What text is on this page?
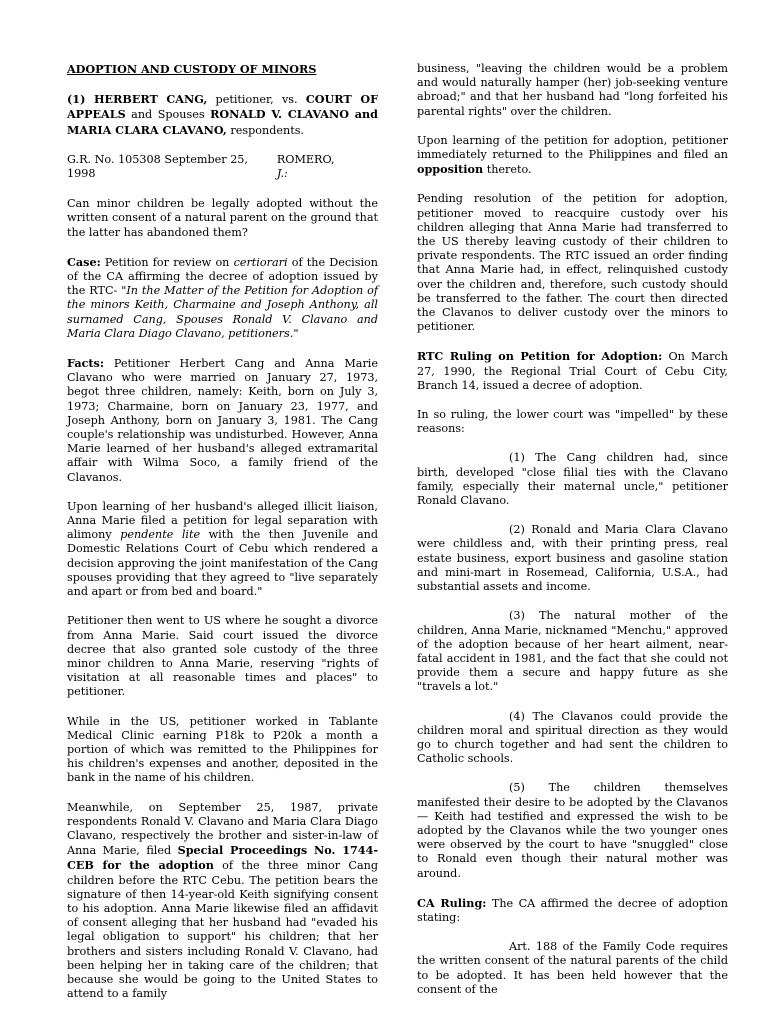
ADOPTION AND CUSTODY OF MINORS

(1) HERBERT CANG, petitioner, vs. COURT OF APPEALS and Spouses RONALD V. CLAVANO and MARIA CLARA CLAVANO, respondents.

G.R. No. 105308 September 25, 1998
ROMERO, J.:

Can minor children be legally adopted without the written consent of a natural parent on the ground that the latter has abandoned them?

Case: Petition for review on certiorari of the Decision of the CA affirming the decree of adoption issued by the RTC- "In the Matter of the Petition for Adoption of the minors Keith, Charmaine and Joseph Anthony, all surnamed Cang, Spouses Ronald V. Clavano and Maria Clara Diago Clavano, petitioners."

Facts: Petitioner Herbert Cang and Anna Marie Clavano who were married on January 27, 1973, begot three children, namely: Keith, born on July 3, 1973; Charmaine, born on January 23, 1977, and Joseph Anthony, born on January 3, 1981. The Cang couple's relationship was undisturbed. However, Anna Marie learned of her husband's alleged extramarital affair with Wilma Soco, a family friend of the Clavanos.

Upon learning of her husband's alleged illicit liaison, Anna Marie filed a petition for legal separation with alimony pendente lite with the then Juvenile and Domestic Relations Court of Cebu which rendered a decision approving the joint manifestation of the Cang spouses providing that they agreed to "live separately and apart or from bed and board."

Petitioner then went to US where he sought a divorce from Anna Marie. Said court issued the divorce decree that also granted sole custody of the three minor children to Anna Marie, reserving "rights of visitation at all reasonable times and places" to petitioner.

While in the US, petitioner worked in Tablante Medical Clinic earning P18k to P20k a month a portion of which was remitted to the Philippines for his children's expenses and another, deposited in the bank in the name of his children.

Meanwhile, on September 25, 1987, private respondents Ronald V. Clavano and Maria Clara Diago Clavano, respectively the brother and sister-in-law of Anna Marie, filed Special Proceedings No. 1744-CEB for the adoption of the three minor Cang children before the RTC Cebu. The petition bears the signature of then 14-year-old Keith signifying consent to his adoption. Anna Marie likewise filed an affidavit of consent alleging that her husband had "evaded his legal obligation to support" his children; that her brothers and sisters including Ronald V. Clavano, had been helping her in taking care of the children; that because she would be going to the United States to attend to a family

business, "leaving the children would be a problem and would naturally hamper (her) job-seeking venture abroad;" and that her husband had "long forfeited his parental rights" over the children.

Upon learning of the petition for adoption, petitioner immediately returned to the Philippines and filed an opposition thereto.

Pending resolution of the petition for adoption, petitioner moved to reacquire custody over his children alleging that Anna Marie had transferred to the US thereby leaving custody of their children to private respondents. The RTC issued an order finding that Anna Marie had, in effect, relinquished custody over the children and, therefore, such custody should be transferred to the father. The court then directed the Clavanos to deliver custody over the minors to petitioner.

RTC Ruling on Petition for Adoption: On March 27, 1990, the Regional Trial Court of Cebu City, Branch 14, issued a decree of adoption.

In so ruling, the lower court was "impelled" by these reasons:

(1) The Cang children had, since birth, developed "close filial ties with the Clavano family, especially their maternal uncle," petitioner Ronald Clavano.

(2) Ronald and Maria Clara Clavano were childless and, with their printing press, real estate business, export business and gasoline station and mini-mart in Rosemead, California, U.S.A., had substantial assets and income.

(3) The natural mother of the children, Anna Marie, nicknamed "Menchu," approved of the adoption because of her heart ailment, near-fatal accident in 1981, and the fact that she could not provide them a secure and happy future as she "travels a lot."

(4) The Clavanos could provide the children moral and spiritual direction as they would go to church together and had sent the children to Catholic schools.

(5) The children themselves manifested their desire to be adopted by the Clavanos — Keith had testified and expressed the wish to be adopted by the Clavanos while the two younger ones were observed by the court to have "snuggled" close to Ronald even though their natural mother was around.

CA Ruling: The CA affirmed the decree of adoption stating:

Art. 188 of the Family Code requires the written consent of the natural parents of the child to be adopted. It has been held however that the consent of the
